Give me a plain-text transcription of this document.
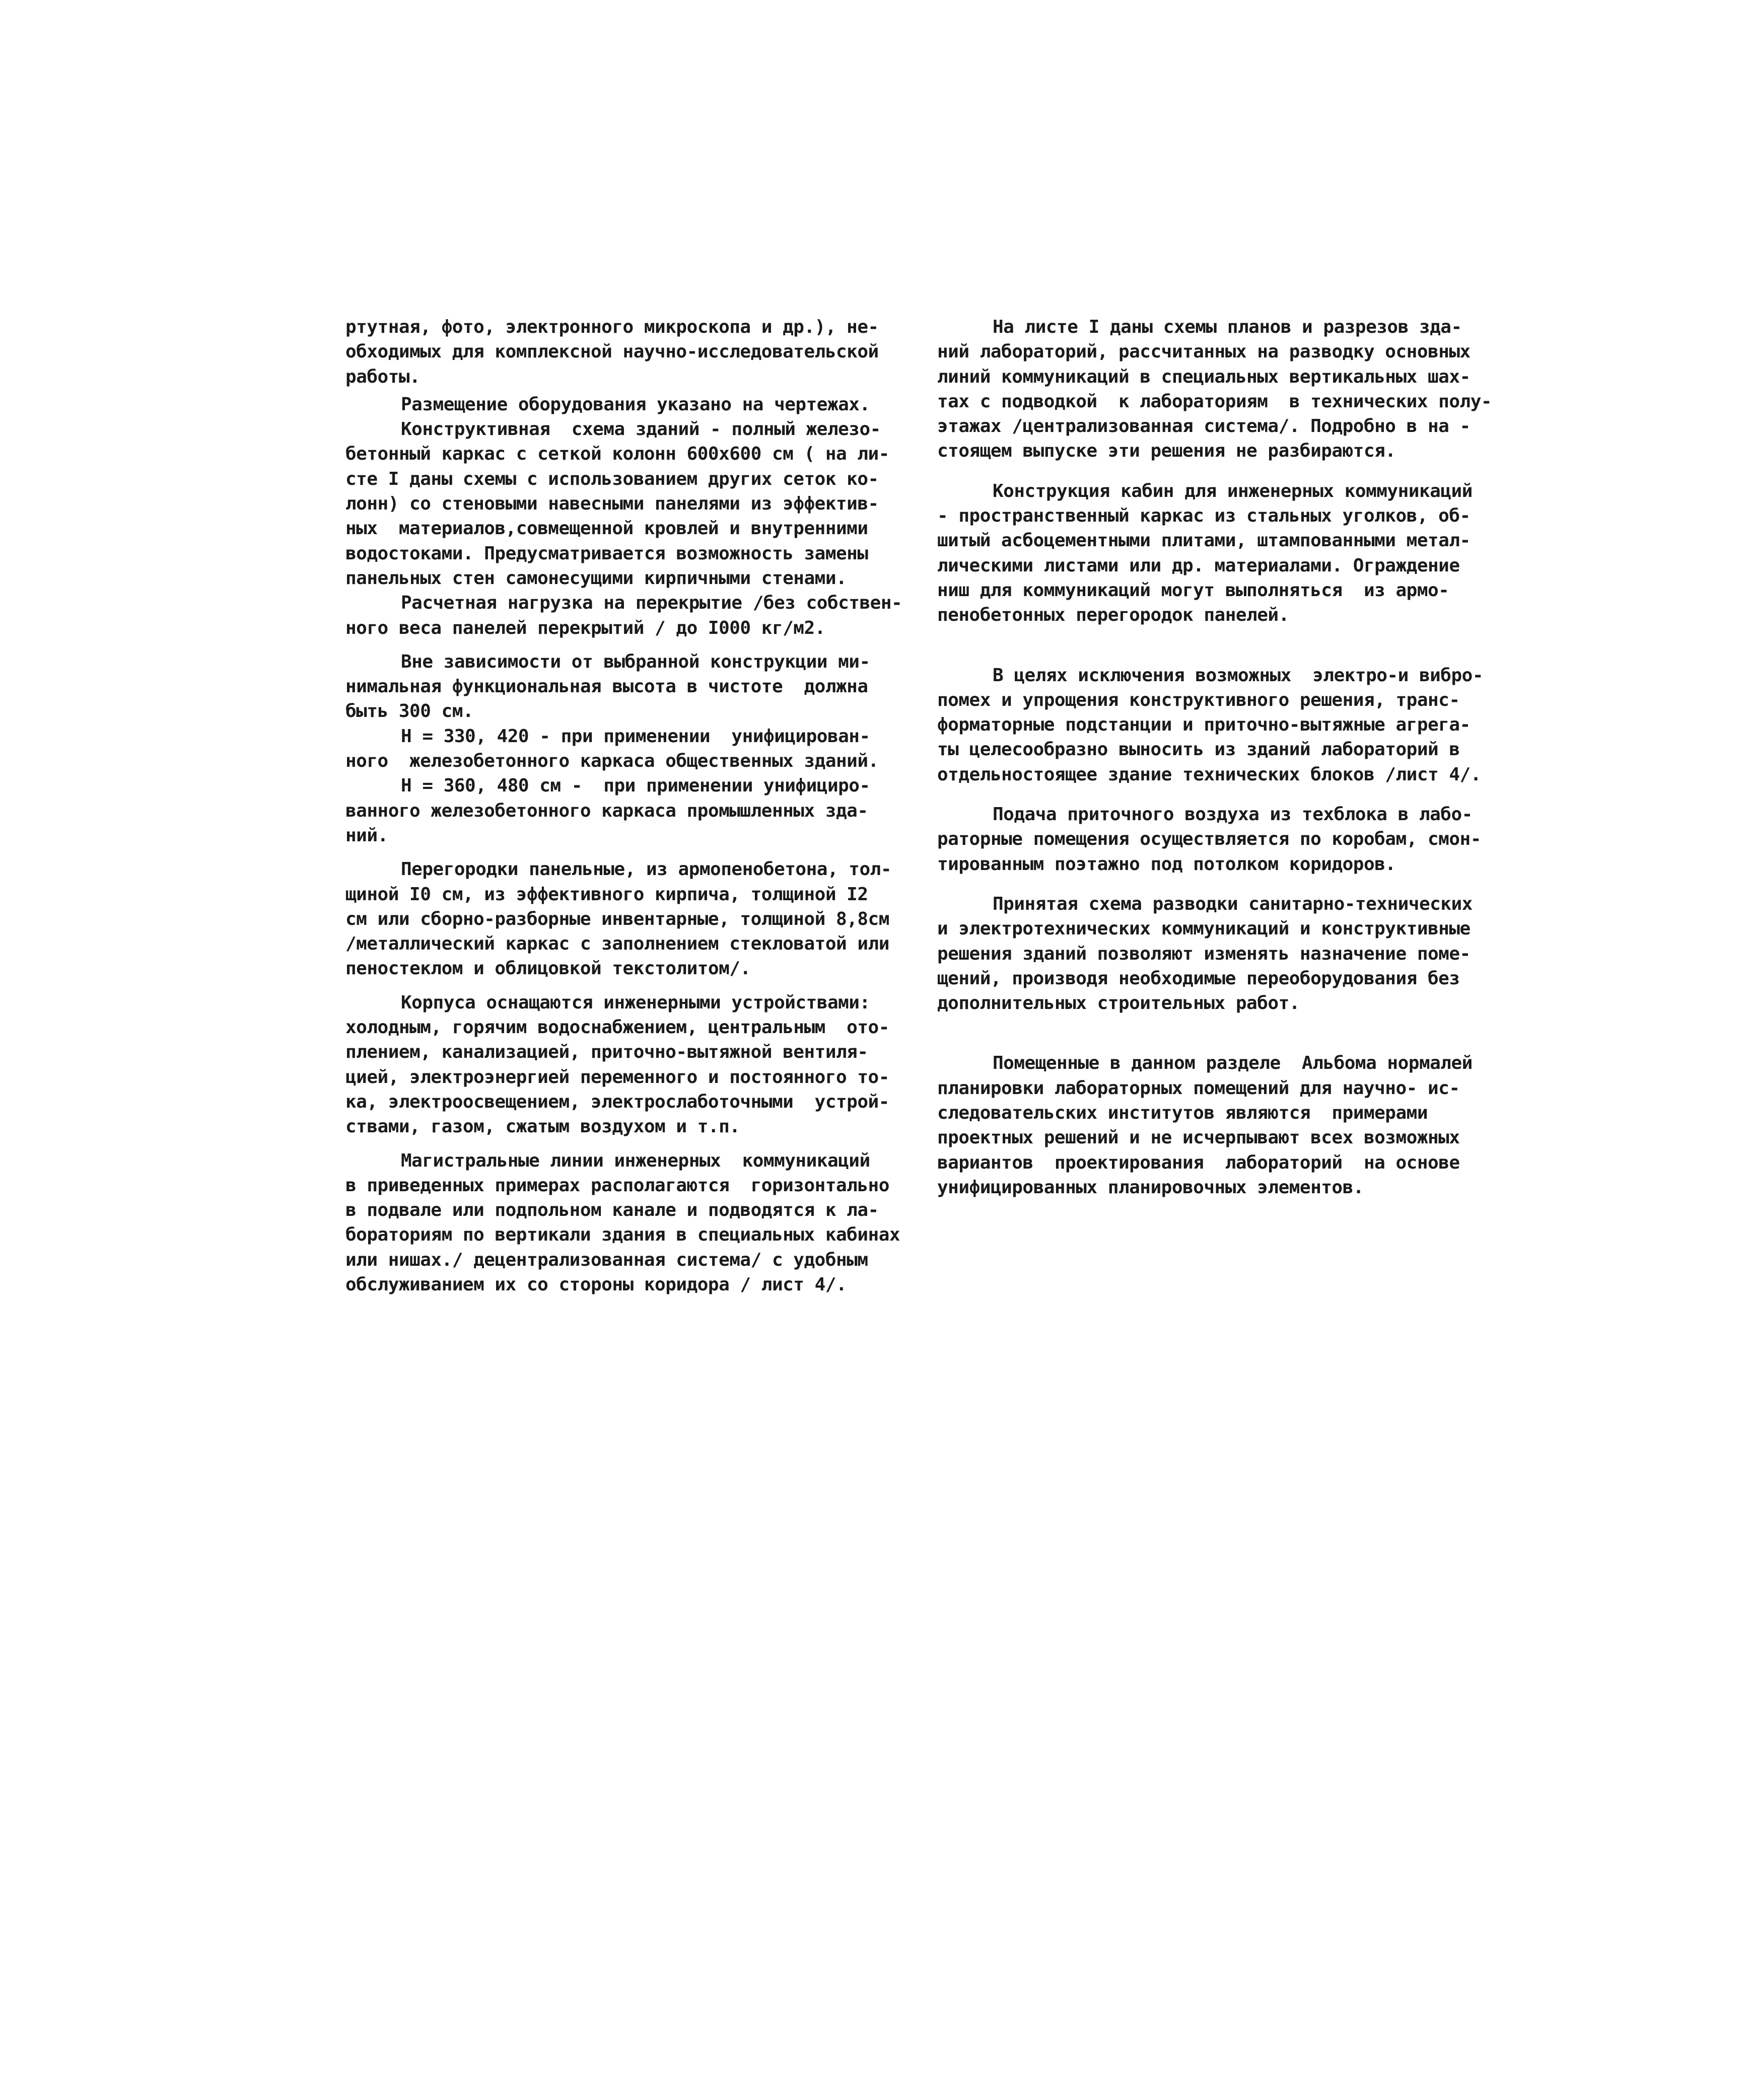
ртутная, фото, электронного микроскопа и др.), не-
обходимых для комплексной научно-исследовательской
работы.
Размещение оборудования указано на чертежах.
Конструктивная  схема зданий - полный железо-
бетонный каркас с сеткой колонн 600х600 см ( на ли-
сте I даны схемы с использованием других сеток ко-
лонн) со стеновыми навесными панелями из эффектив-
ных  материалов,совмещенной кровлей и внутренними
водостоками. Предусматривается возможность замены
панельных стен самонесущими кирпичными стенами.
Расчетная нагрузка на перекрытие /без собствен-
ного веса панелей перекрытий / до I000 кг/м2.
Вне зависимости от выбранной конструкции ми-
нимальная функциональная высота в чистоте  должна
быть 300 см.
Н = 330, 420 - при применении  унифицирован-
ного  железобетонного каркаса общественных зданий.
Н = 360, 480 см -  при применении унифициро-
ванного железобетонного каркаса промышленных зда-
ний.
Перегородки панельные, из армопенобетона, тол-
щиной I0 см, из эффективного кирпича, толщиной I2
см или сборно-разборные инвентарные, толщиной 8,8см
/металлический каркас с заполнением стекловатой или
пеностеклом и облицовкой текстолитом/.
Корпуса оснащаются инженерными устройствами:
холодным, горячим водоснабжением, центральным  ото-
плением, канализацией, приточно-вытяжной вентиля-
цией, электроэнергией переменного и постоянного то-
ка, электроосвещением, электрослаботочными  устрой-
ствами, газом, сжатым воздухом и т.п.
Магистральные линии инженерных  коммуникаций
в приведенных примерах располагаются  горизонтально
в подвале или подпольном канале и подводятся к ла-
бораториям по вертикали здания в специальных кабинах
или нишах./ децентрализованная система/ с удобным
обслуживанием их со стороны коридора / лист 4/.
На листе I даны схемы планов и разрезов зда-
ний лабораторий, рассчитанных на разводку основных
линий коммуникаций в специальных вертикальных шах-
тах с подводкой  к лабораториям  в технических полу-
этажах /централизованная система/. Подробно в на -
стоящем выпуске эти решения не разбираются.
Конструкция кабин для инженерных коммуникаций
- пространственный каркас из стальных уголков, об-
шитый асбоцементными плитами, штампованными метал-
лическими листами или др. материалами. Ограждение
ниш для коммуникаций могут выполняться  из армо-
пенобетонных перегородок панелей.
В целях исключения возможных  электро-и вибро-
помех и упрощения конструктивного решения, транс-
форматорные подстанции и приточно-вытяжные агрега-
ты целесообразно выносить из зданий лабораторий в
отдельностоящее здание технических блоков /лист 4/.
Подача приточного воздуха из техблока в лабо-
раторные помещения осуществляется по коробам, смон-
тированным поэтажно под потолком коридоров.
Принятая схема разводки санитарно-технических
и электротехнических коммуникаций и конструктивные
решения зданий позволяют изменять назначение поме-
щений, производя необходимые переоборудования без
дополнительных строительных работ.
Помещенные в данном разделе  Альбома нормалей
планировки лабораторных помещений для научно- ис-
следовательских институтов являются  примерами
проектных решений и не исчерпывают всех возможных
вариантов  проектирования  лабораторий  на основе
унифицированных планировочных элементов.
